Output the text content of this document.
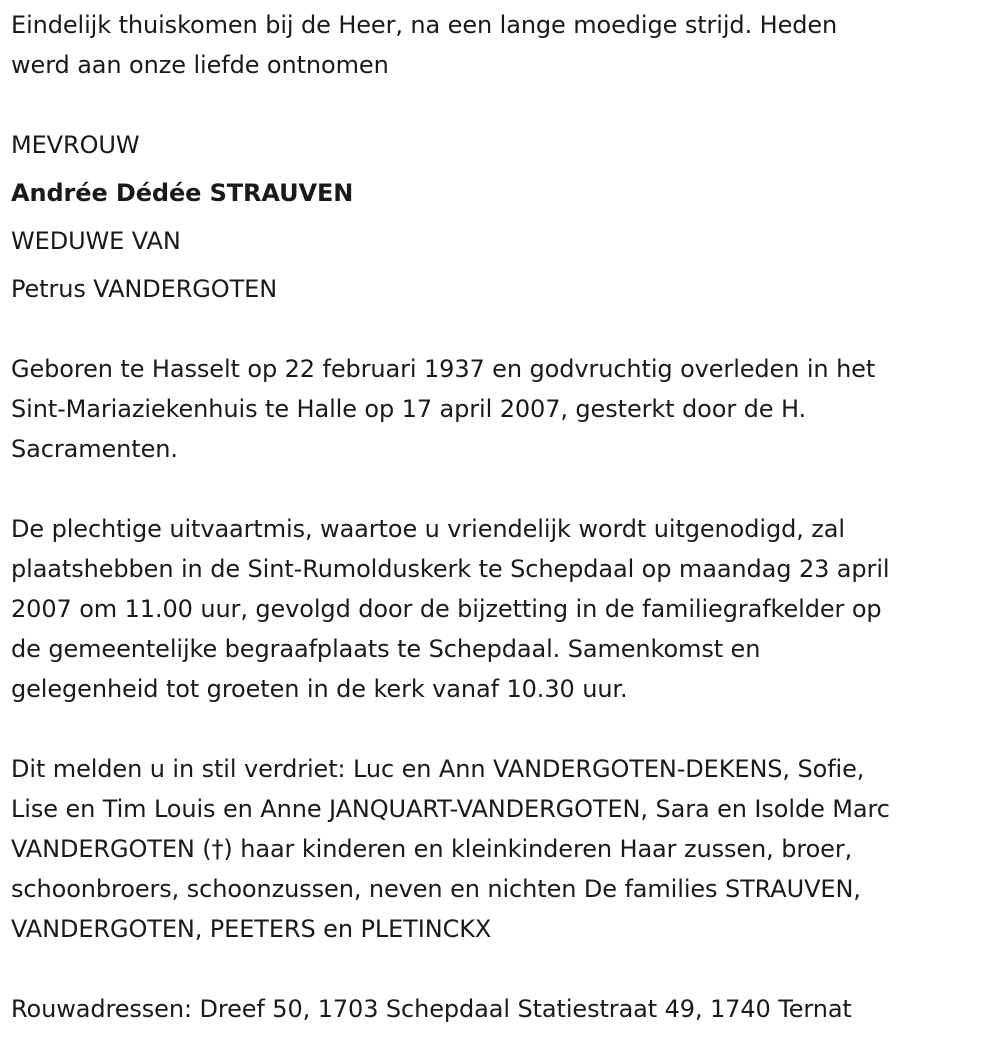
Eindelijk thuiskomen bij de Heer, na een lange moedige strijd. Heden
werd aan onze liefde ontnomen
MEVROUW
Andrée Dédée STRAUVEN
WEDUWE VAN
Petrus VANDERGOTEN
Geboren te Hasselt op 22 februari 1937 en godvruchtig overleden in het
Sint-Mariaziekenhuis te Halle op 17 april 2007, gesterkt door de H.
Sacramenten.
De plechtige uitvaartmis, waartoe u vriendelijk wordt uitgenodigd, zal
plaatshebben in de Sint-Rumolduskerk te Schepdaal op maandag 23 april
2007 om 11.00 uur, gevolgd door de bijzetting in de familiegrafkelder op
de gemeentelijke begraafplaats te Schepdaal. Samenkomst en
gelegenheid tot groeten in de kerk vanaf 10.30 uur.
Dit melden u in stil verdriet: Luc en Ann VANDERGOTEN-DEKENS, Sofie,
Lise en Tim Louis en Anne JANQUART-VANDERGOTEN, Sara en Isolde Marc
VANDERGOTEN (†) haar kinderen en kleinkinderen Haar zussen, broer,
schoonbroers, schoonzussen, neven en nichten De families STRAUVEN,
VANDERGOTEN, PEETERS en PLETINCKX
Rouwadressen: Dreef 50, 1703 Schepdaal Statiestraat 49, 1740 Ternat
